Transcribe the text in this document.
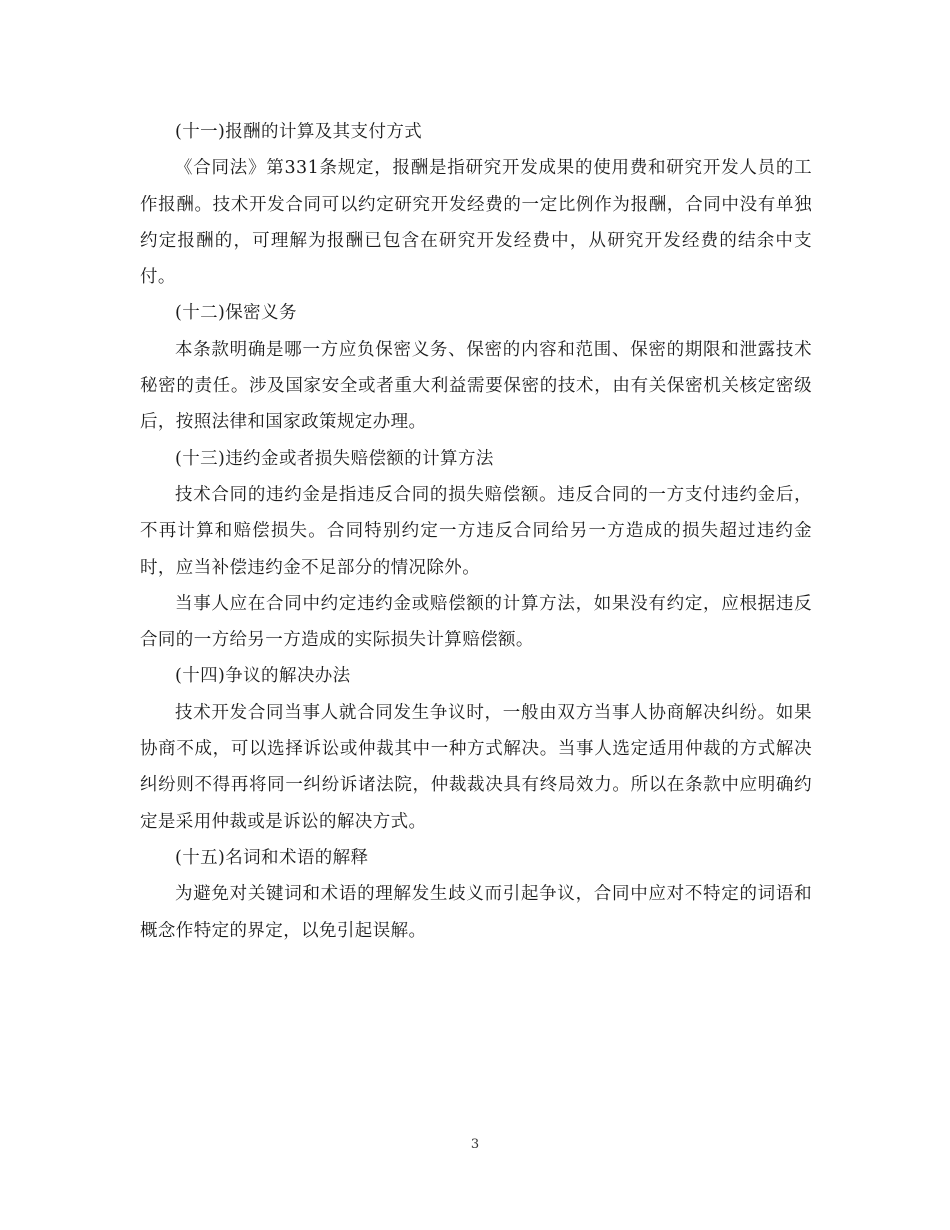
(十一)报酬的计算及其支付方式

《合同法》第331条规定，报酬是指研究开发成果的使用费和研究开发人员的工作报酬。技术开发合同可以约定研究开发经费的一定比例作为报酬，合同中没有单独约定报酬的，可理解为报酬已包含在研究开发经费中，从研究开发经费的结余中支付。

(十二)保密义务

本条款明确是哪一方应负保密义务、保密的内容和范围、保密的期限和泄露技术秘密的责任。涉及国家安全或者重大利益需要保密的技术，由有关保密机关核定密级后，按照法律和国家政策规定办理。

(十三)违约金或者损失赔偿额的计算方法

技术合同的违约金是指违反合同的损失赔偿额。违反合同的一方支付违约金后，不再计算和赔偿损失。合同特别约定一方违反合同给另一方造成的损失超过违约金时，应当补偿违约金不足部分的情况除外。

当事人应在合同中约定违约金或赔偿额的计算方法，如果没有约定，应根据违反合同的一方给另一方造成的实际损失计算赔偿额。

(十四)争议的解决办法

技术开发合同当事人就合同发生争议时，一般由双方当事人协商解决纠纷。如果协商不成，可以选择诉讼或仲裁其中一种方式解决。当事人选定适用仲裁的方式解决纠纷则不得再将同一纠纷诉诸法院，仲裁裁决具有终局效力。所以在条款中应明确约定是采用仲裁或是诉讼的解决方式。

(十五)名词和术语的解释

为避免对关键词和术语的理解发生歧义而引起争议，合同中应对不特定的词语和概念作特定的界定，以免引起误解。

3
